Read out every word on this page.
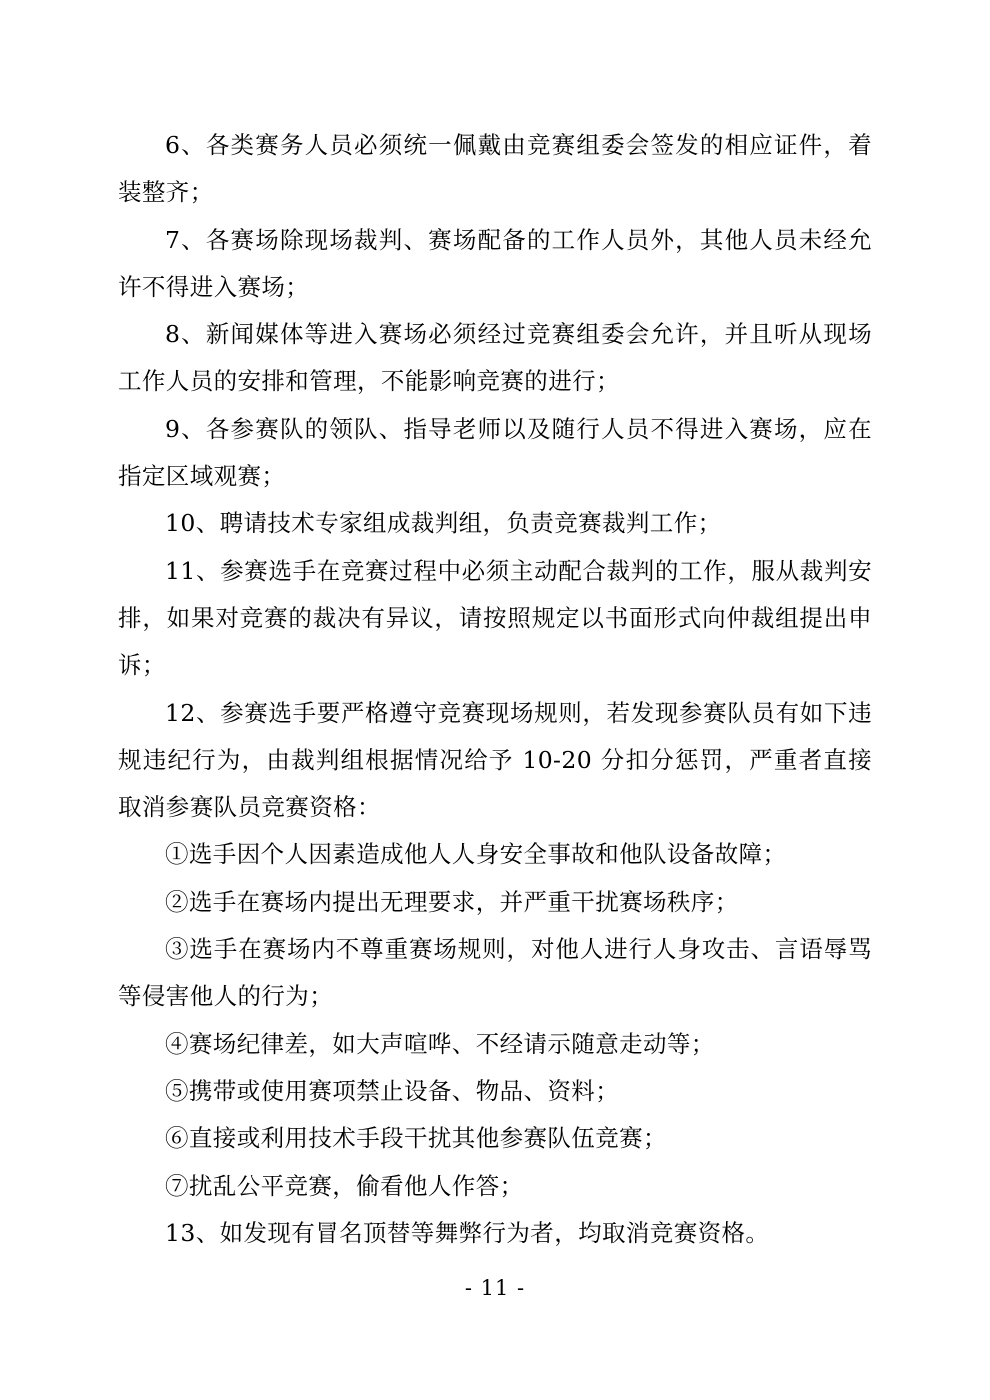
6、各类赛务人员必须统一佩戴由竞赛组委会签发的相应证件，着装整齐；

7、各赛场除现场裁判、赛场配备的工作人员外，其他人员未经允许不得进入赛场；

8、新闻媒体等进入赛场必须经过竞赛组委会允许，并且听从现场工作人员的安排和管理，不能影响竞赛的进行；

9、各参赛队的领队、指导老师以及随行人员不得进入赛场，应在指定区域观赛；

10、聘请技术专家组成裁判组，负责竞赛裁判工作；

11、参赛选手在竞赛过程中必须主动配合裁判的工作，服从裁判安排，如果对竞赛的裁决有异议，请按照规定以书面形式向仲裁组提出申诉；

12、参赛选手要严格遵守竞赛现场规则，若发现参赛队员有如下违规违纪行为，由裁判组根据情况给予 10-20 分扣分惩罚，严重者直接取消参赛队员竞赛资格：

①选手因个人因素造成他人人身安全事故和他队设备故障；

②选手在赛场内提出无理要求，并严重干扰赛场秩序；

③选手在赛场内不尊重赛场规则，对他人进行人身攻击、言语辱骂等侵害他人的行为；

④赛场纪律差，如大声喧哗、不经请示随意走动等；

⑤携带或使用赛项禁止设备、物品、资料；

⑥直接或利用技术手段干扰其他参赛队伍竞赛；

⑦扰乱公平竞赛，偷看他人作答；

13、如发现有冒名顶替等舞弊行为者，均取消竞赛资格。

- 11 -
